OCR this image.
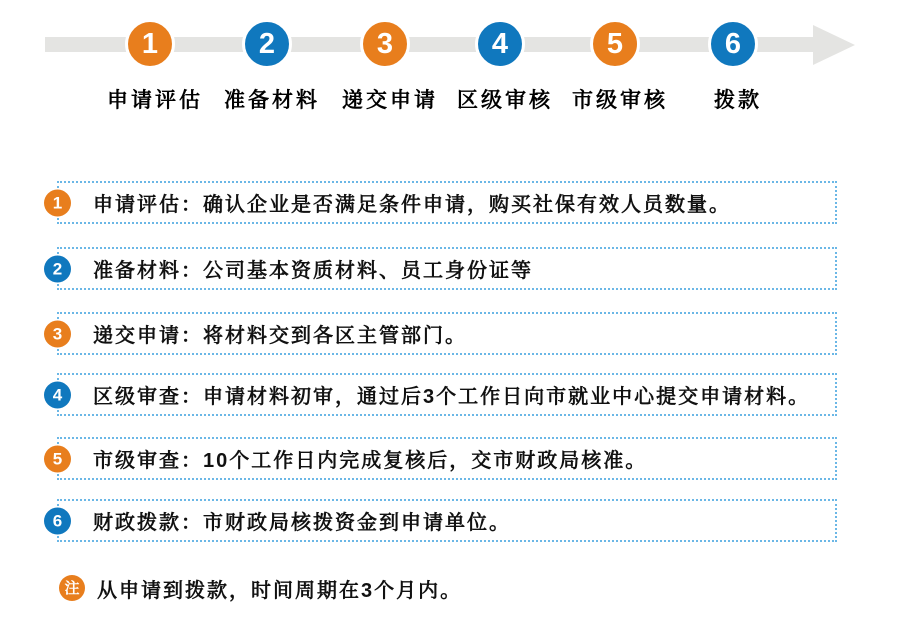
1	2	3	4	5	6
申请评估	准备材料	递交申请 区级审核 市级审核	拨款
1 申请评估：确认企业是否满足条件申请，购买社保有效人员数量。
2 准备材料：公司基本资质材料、员工身份证等
3 递交申请：将材料交到各区主管部门。
4 区级审查：申请材料初审，通过后3个工作日向市就业中心提交申请材料。
5 市级审查：10个工作日内完成复核后，交市财政局核准。
6 财政拨款：市财政局核拨资金到申请单位。
注 从申请到拨款，时间周期在3个月内。
